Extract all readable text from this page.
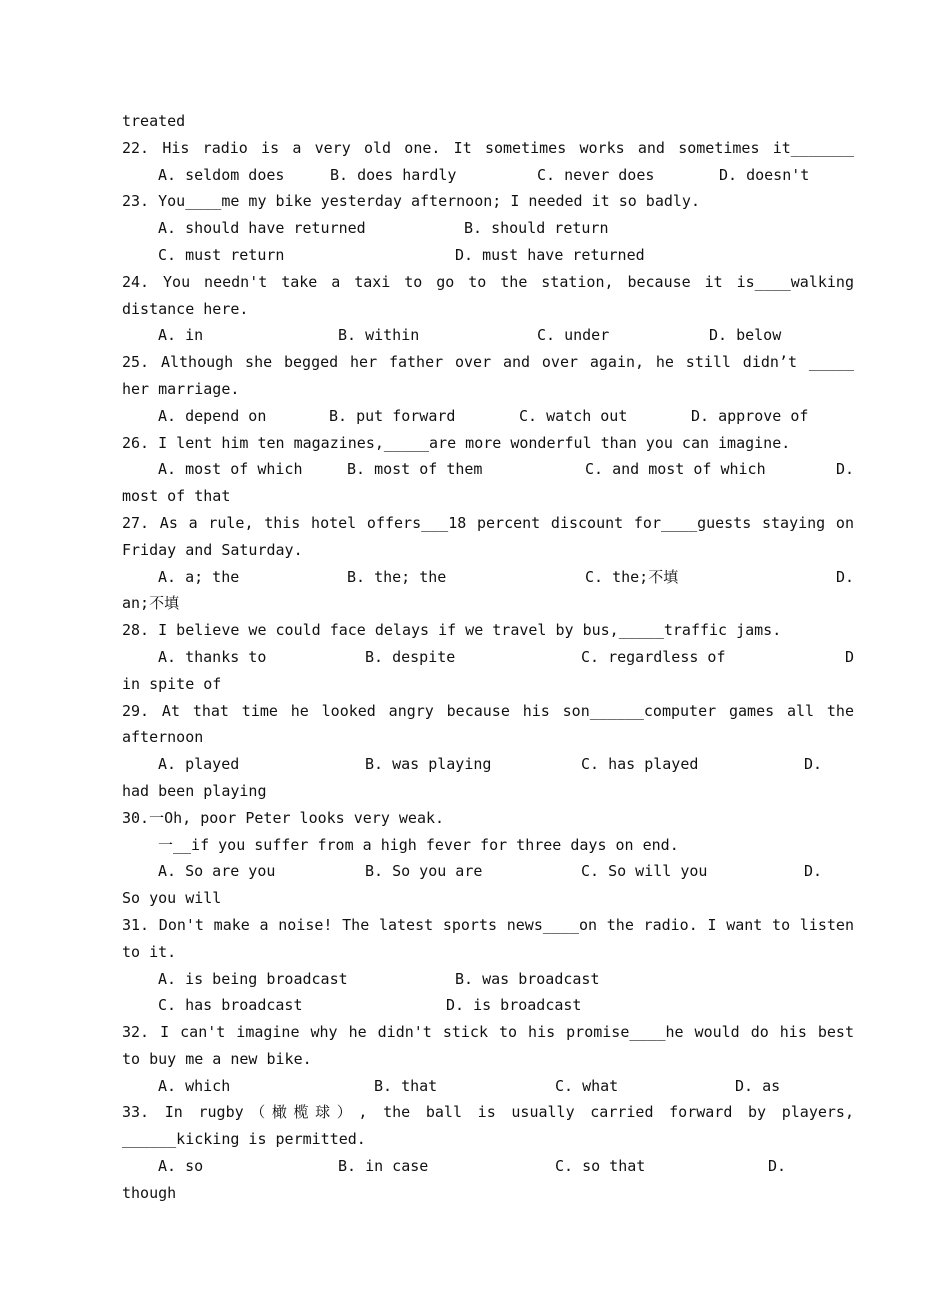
treated
22. His radio is a very old one. It sometimes works and sometimes it_______
A. seldom does	B. does hardly	C. never does	D. doesn't
23. You____me my bike yesterday afternoon; I needed it so badly.
A. should have returned	B. should return
C. must return	D. must have returned
24. You needn't take a taxi to go to the station, because it is____walking
distance here.
A. in	B. within	C. under	D. below
25. Although she begged her father over and over again, he still didn’t _____
her marriage.
A. depend on	B. put forward	C. watch out	D. approve of
26. I lent him ten magazines,_____are more wonderful than you can imagine.
A. most of which	B. most of them	C. and most of which	D.
most of that
27. As a rule, this hotel offers___18 percent discount for____guests staying on
Friday and Saturday.
A. a; the	B. the; the	C. the;不填	D.
an;不填
28. I believe we could face delays if we travel by bus,_____traffic jams.
A. thanks to	B. despite	C. regardless of	D
in spite of
29. At that time he looked angry because his son______computer games all the
afternoon
A. played	B. was playing	C. has played	D.
had been playing
30.一Oh, poor Peter looks very weak.
一__if you suffer from a high fever for three days on end.
A. So are you	B. So you are	C. So will you	D.
So you will
31. Don't make a noise! The latest sports news____on the radio. I want to listen
to it.
A. is being broadcast	B. was broadcast
C. has broadcast	D. is broadcast
32. I can't imagine why he didn't stick to his promise____he would do his best
to buy me a new bike.
A. which	B. that	C. what	D. as
33. In rugby（橄榄球）, the ball is usually carried forward by players,
______kicking is permitted.
A. so	B. in case	C. so that	D.
though
